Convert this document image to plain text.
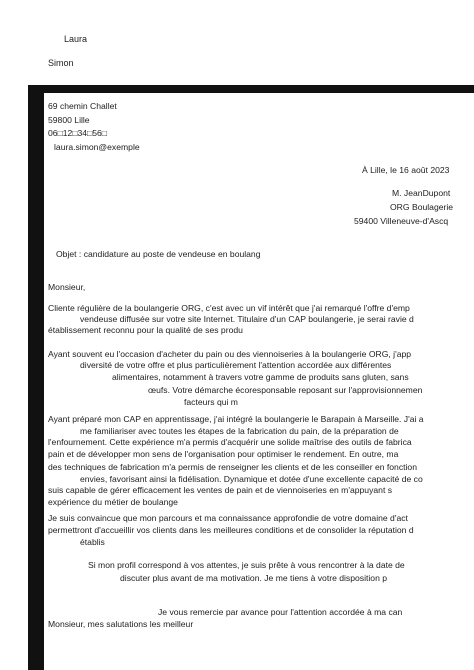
Laura
Simon
69 chemin Challet
59800 Lille
06□12□34□56□
laura.simon@exemple
À Lille, le 16 août 2023
M. JeanDupont
ORG Boulagerie
59400 Villeneuve-d'Ascq
Objet : candidature au poste de vendeuse en boulang
Monsieur,
Cliente régulière de la boulangerie ORG, c'est avec un vif intérêt que j'ai remarqué l'offre d'emp
vendeuse diffusée sur votre site Internet. Titulaire d'un CAP boulangerie, je serai ravie d
établissement reconnu pour la qualité de ses produ
Ayant souvent eu l'occasion d'acheter du pain ou des viennoiseries à la boulangerie ORG, j'app
diversité de votre offre et plus particulièrement l'attention accordée aux différentes
alimentaires, notamment à travers votre gamme de produits sans gluten, sans
œufs. Votre démarche écoresponsable reposant sur l'approvisionnemen
facteurs qui m
Ayant préparé mon CAP en apprentissage, j'ai intégré la boulangerie le Barapain à Marseille. J'ai a
me familiariser avec toutes les étapes de la fabrication du pain, de la préparation de
l'enfournement. Cette expérience m'a permis d'acquérir une solide maîtrise des outils de fabrica
pain et de développer mon sens de l'organisation pour optimiser le rendement. En outre, ma
des techniques de fabrication m'a permis de renseigner les clients et de les conseiller en fonction
envies, favorisant ainsi la fidélisation. Dynamique et dotée d'une excellente capacité de co
suis capable de gérer efficacement les ventes de pain et de viennoiseries en m'appuyant s
expérience du métier de boulange
Je suis convaincue que mon parcours et ma connaissance approfondie de votre domaine d'act
permettront d'accueillir vos clients dans les meilleures conditions et de consolider la réputation d
établis
Si mon profil correspond à vos attentes, je suis prête à vous rencontrer à la date de
discuter plus avant de ma motivation. Je me tiens à votre disposition p
Je vous remercie par avance pour l'attention accordée à ma can
Monsieur, mes salutations les meilleur
